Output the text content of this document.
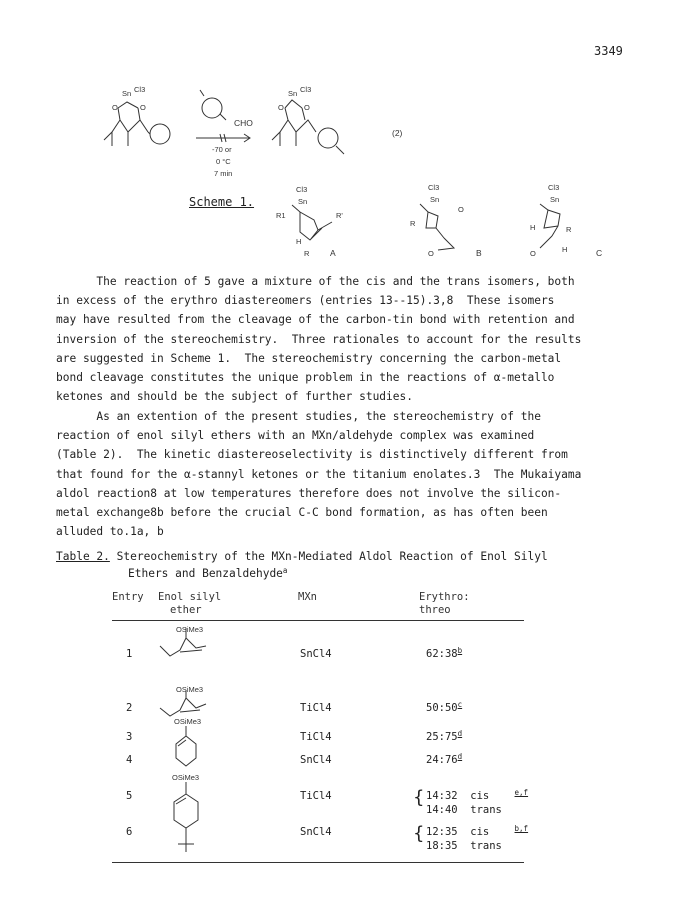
3349
Sn Cl3
O	O
CHO
-70 or
0 °C
7 min
Sn Cl3
O	O
(2)
Cl3
Sn
R1	R'
H
R A
Cl3
Sn
R
O
O	B
Cl3
Sn
H	R
O	H	C
Scheme 1.
The reaction of 5 gave a mixture of the cis and the trans isomers, both
in excess of the erythro diastereomers (entries 13--15).3,8  These isomers
may have resulted from the cleavage of the carbon-tin bond with retention and
inversion of the stereochemistry.  Three rationales to account for the results
are suggested in Scheme 1.  The stereochemistry concerning the carbon-metal
bond cleavage constitutes the unique problem in the reactions of α-metallo
ketones and should be the subject of further studies.
As an extention of the present studies, the stereochemistry of the
reaction of enol silyl ethers with an MXn/aldehyde complex was examined
(Table 2).  The kinetic diastereoselectivity is distinctively different from
that found for the α-stannyl ketones or the titanium enolates.3  The Mukaiyama
aldol reaction8 at low temperatures therefore does not involve the silicon-
metal exchange8b before the crucial C-C bond formation, as has often been
alluded to.1a, b
Table 2. Stereochemistry of the MXn-Mediated Aldol Reaction of Enol Silyl
Ethers and Benzaldehyde$^a$
Entry Enol silyl
ether
MXn	Erythro:
threo
OSiMe3
OSiMe3
OSiMe3
OSiMe3
1	SnCl4	62:38$^b$
2	TiCl4	50:50$^c$
3	TiCl4	25:75$^d$
4	SnCl4	24:76$^d$
5	TiCl4	{ 14:32 cis	$^{e,f}$
14:40 trans
6	SnCl4	{ 12:35 cis	$^{b,f}$
18:35 trans
